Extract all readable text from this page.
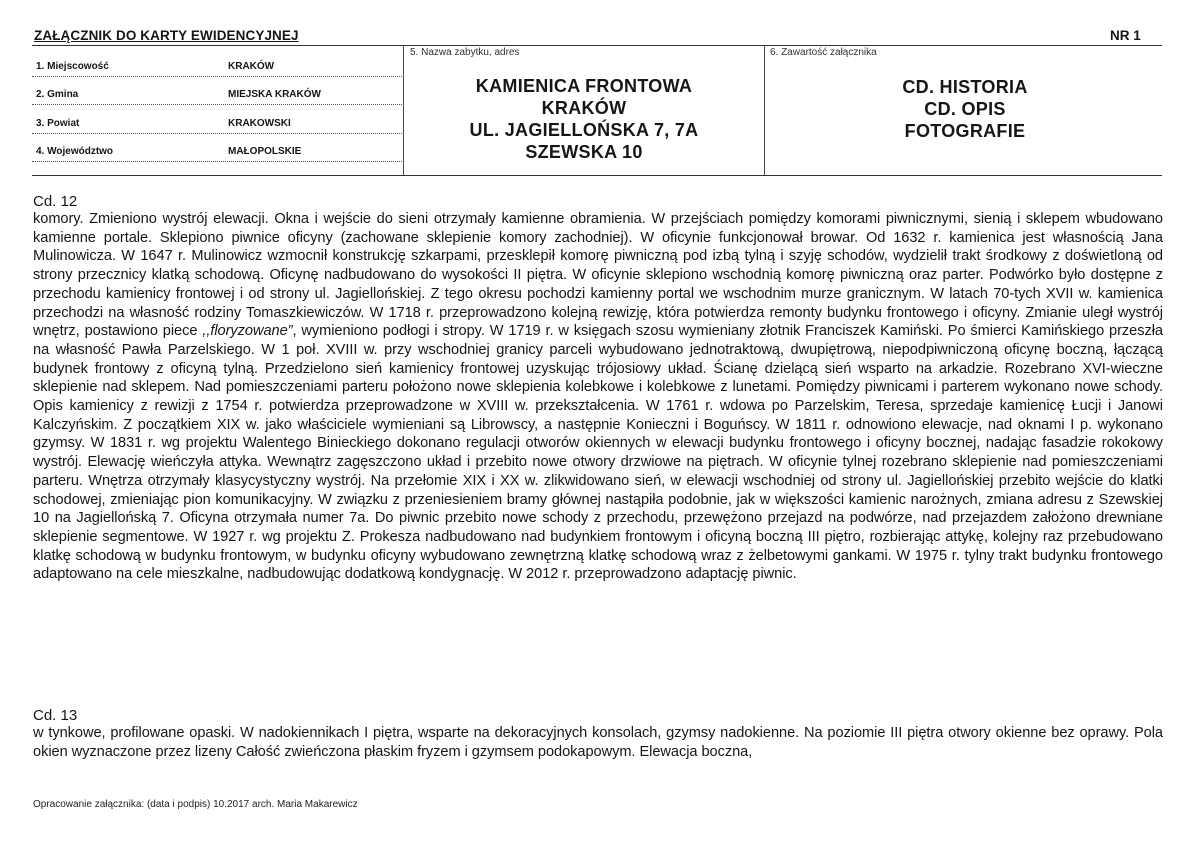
ZAŁĄCZNIK DO KARTY EWIDENCYJNEJ	NR 1
1. Miejscowość	KRAKÓW
2. Gmina	MIEJSKA KRAKÓW
3. Powiat	KRAKOWSKI
4. Województwo	MAŁOPOLSKIE
5. Nazwa zabytku, adres
KAMIENICA FRONTOWA
KRAKÓW
UL. JAGIELLOŃSKA 7, 7A
SZEWSKA 10
6. Zawartość załącznika
CD. HISTORIA
CD. OPIS
FOTOGRAFIE
Cd. 12
komory. Zmieniono wystrój elewacji. Okna i wejście do sieni otrzymały kamienne obramienia. W przejściach pomiędzy komorami piwnicznymi, sienią i sklepem wbudowano kamienne portale. Sklepiono piwnice oficyny (zachowane sklepienie komory zachodniej). W oficynie funkcjonował browar. Od 1632 r. kamienica jest własnością Jana Mulinowicza. W 1647 r. Mulinowicz wzmocnił konstrukcję szkarpami, przesklepił komorę piwniczną pod izbą tylną i szyję schodów, wydzielił trakt środkowy z doświetloną od strony przecznicy klatką schodową. Oficynę nadbudowano do wysokości II piętra. W oficynie sklepiono wschodnią komorę piwniczną oraz parter. Podwórko było dostępne z przechodu kamienicy frontowej i od strony ul. Jagiellońskiej. Z tego okresu pochodzi kamienny portal we wschodnim murze granicznym. W latach 70-tych XVII w. kamienica przechodzi na własność rodziny Tomaszkiewiczów. W 1718 r. przeprowadzono kolejną rewizję, która potwierdza remonty budynku frontowego i oficyny. Zmianie uległ wystrój wnętrz, postawiono piece ,,floryzowane”, wymieniono podłogi i stropy. W 1719 r. w księgach szosu wymieniany złotnik Franciszek Kamiński. Po śmierci Kamińskiego przeszła na własność Pawła Parzelskiego. W 1 poł. XVIII w. przy wschodniej granicy parceli wybudowano jednotraktową, dwupiętrową, niepodpiwniczoną oficynę boczną, łączącą budynek frontowy z oficyną tylną. Przedzielono sień kamienicy frontowej uzyskując trójosiowy układ. Ścianę dzielącą sień wsparto na arkadzie. Rozebrano XVI-wieczne sklepienie nad sklepem. Nad pomieszczeniami parteru położono nowe sklepienia kolebkowe i kolebkowe z lunetami. Pomiędzy piwnicami i parterem wykonano nowe schody. Opis kamienicy z rewizji z 1754 r. potwierdza przeprowadzone w XVIII w. przekształcenia. W 1761 r. wdowa po Parzelskim, Teresa, sprzedaje kamienicę Łucji i Janowi Kalczyńskim. Z początkiem XIX w. jako właściciele wymieniani są Librowscy, a następnie Konieczni i Boguńscy. W 1811 r. odnowiono elewacje, nad oknami I p. wykonano gzymsy. W 1831 r. wg projektu Walentego Binieckiego dokonano regulacji otworów okiennych w elewacji budynku frontowego i oficyny bocznej, nadając fasadzie rokokowy wystrój. Elewację wieńczyła attyka. Wewnątrz zagęszczono układ i przebito nowe otwory drzwiowe na piętrach. W oficynie tylnej rozebrano sklepienie nad pomieszczeniami parteru. Wnętrza otrzymały klasycystyczny wystrój. Na przełomie XIX i XX w. zlikwidowano sień, w elewacji wschodniej od strony ul. Jagiellońskiej przebito wejście do klatki schodowej, zmieniając pion komunikacyjny. W związku z przeniesieniem bramy głównej nastąpiła podobnie, jak w większości kamienic narożnych, zmiana adresu z Szewskiej 10 na Jagiellońską 7. Oficyna otrzymała numer 7a. Do piwnic przebito nowe schody z przechodu, przewężono przejazd na podwórze, nad przejazdem założono drewniane sklepienie segmentowe. W 1927 r. wg projektu Z. Prokesza nadbudowano nad budynkiem frontowym i oficyną boczną III piętro, rozbierając attykę, kolejny raz przebudowano klatkę schodową w budynku frontowym, w budynku oficyny wybudowano zewnętrzną klatkę schodową wraz z żelbetowymi gankami. W 1975 r. tylny trakt budynku frontowego adaptowano na cele mieszkalne, nadbudowując dodatkową kondygnację. W 2012 r. przeprowadzono adaptację piwnic.
Cd. 13
w tynkowe, profilowane opaski. W nadokiennikach I piętra, wsparte na dekoracyjnych konsolach, gzymsy nadokienne. Na poziomie III piętra otwory okienne bez oprawy. Pola okien wyznaczone przez lizeny Całość zwieńczona płaskim fryzem i gzymsem podokapowym. Elewacja boczna,
Opracowanie załącznika: (data i podpis) 10.2017 arch. Maria Makarewicz
